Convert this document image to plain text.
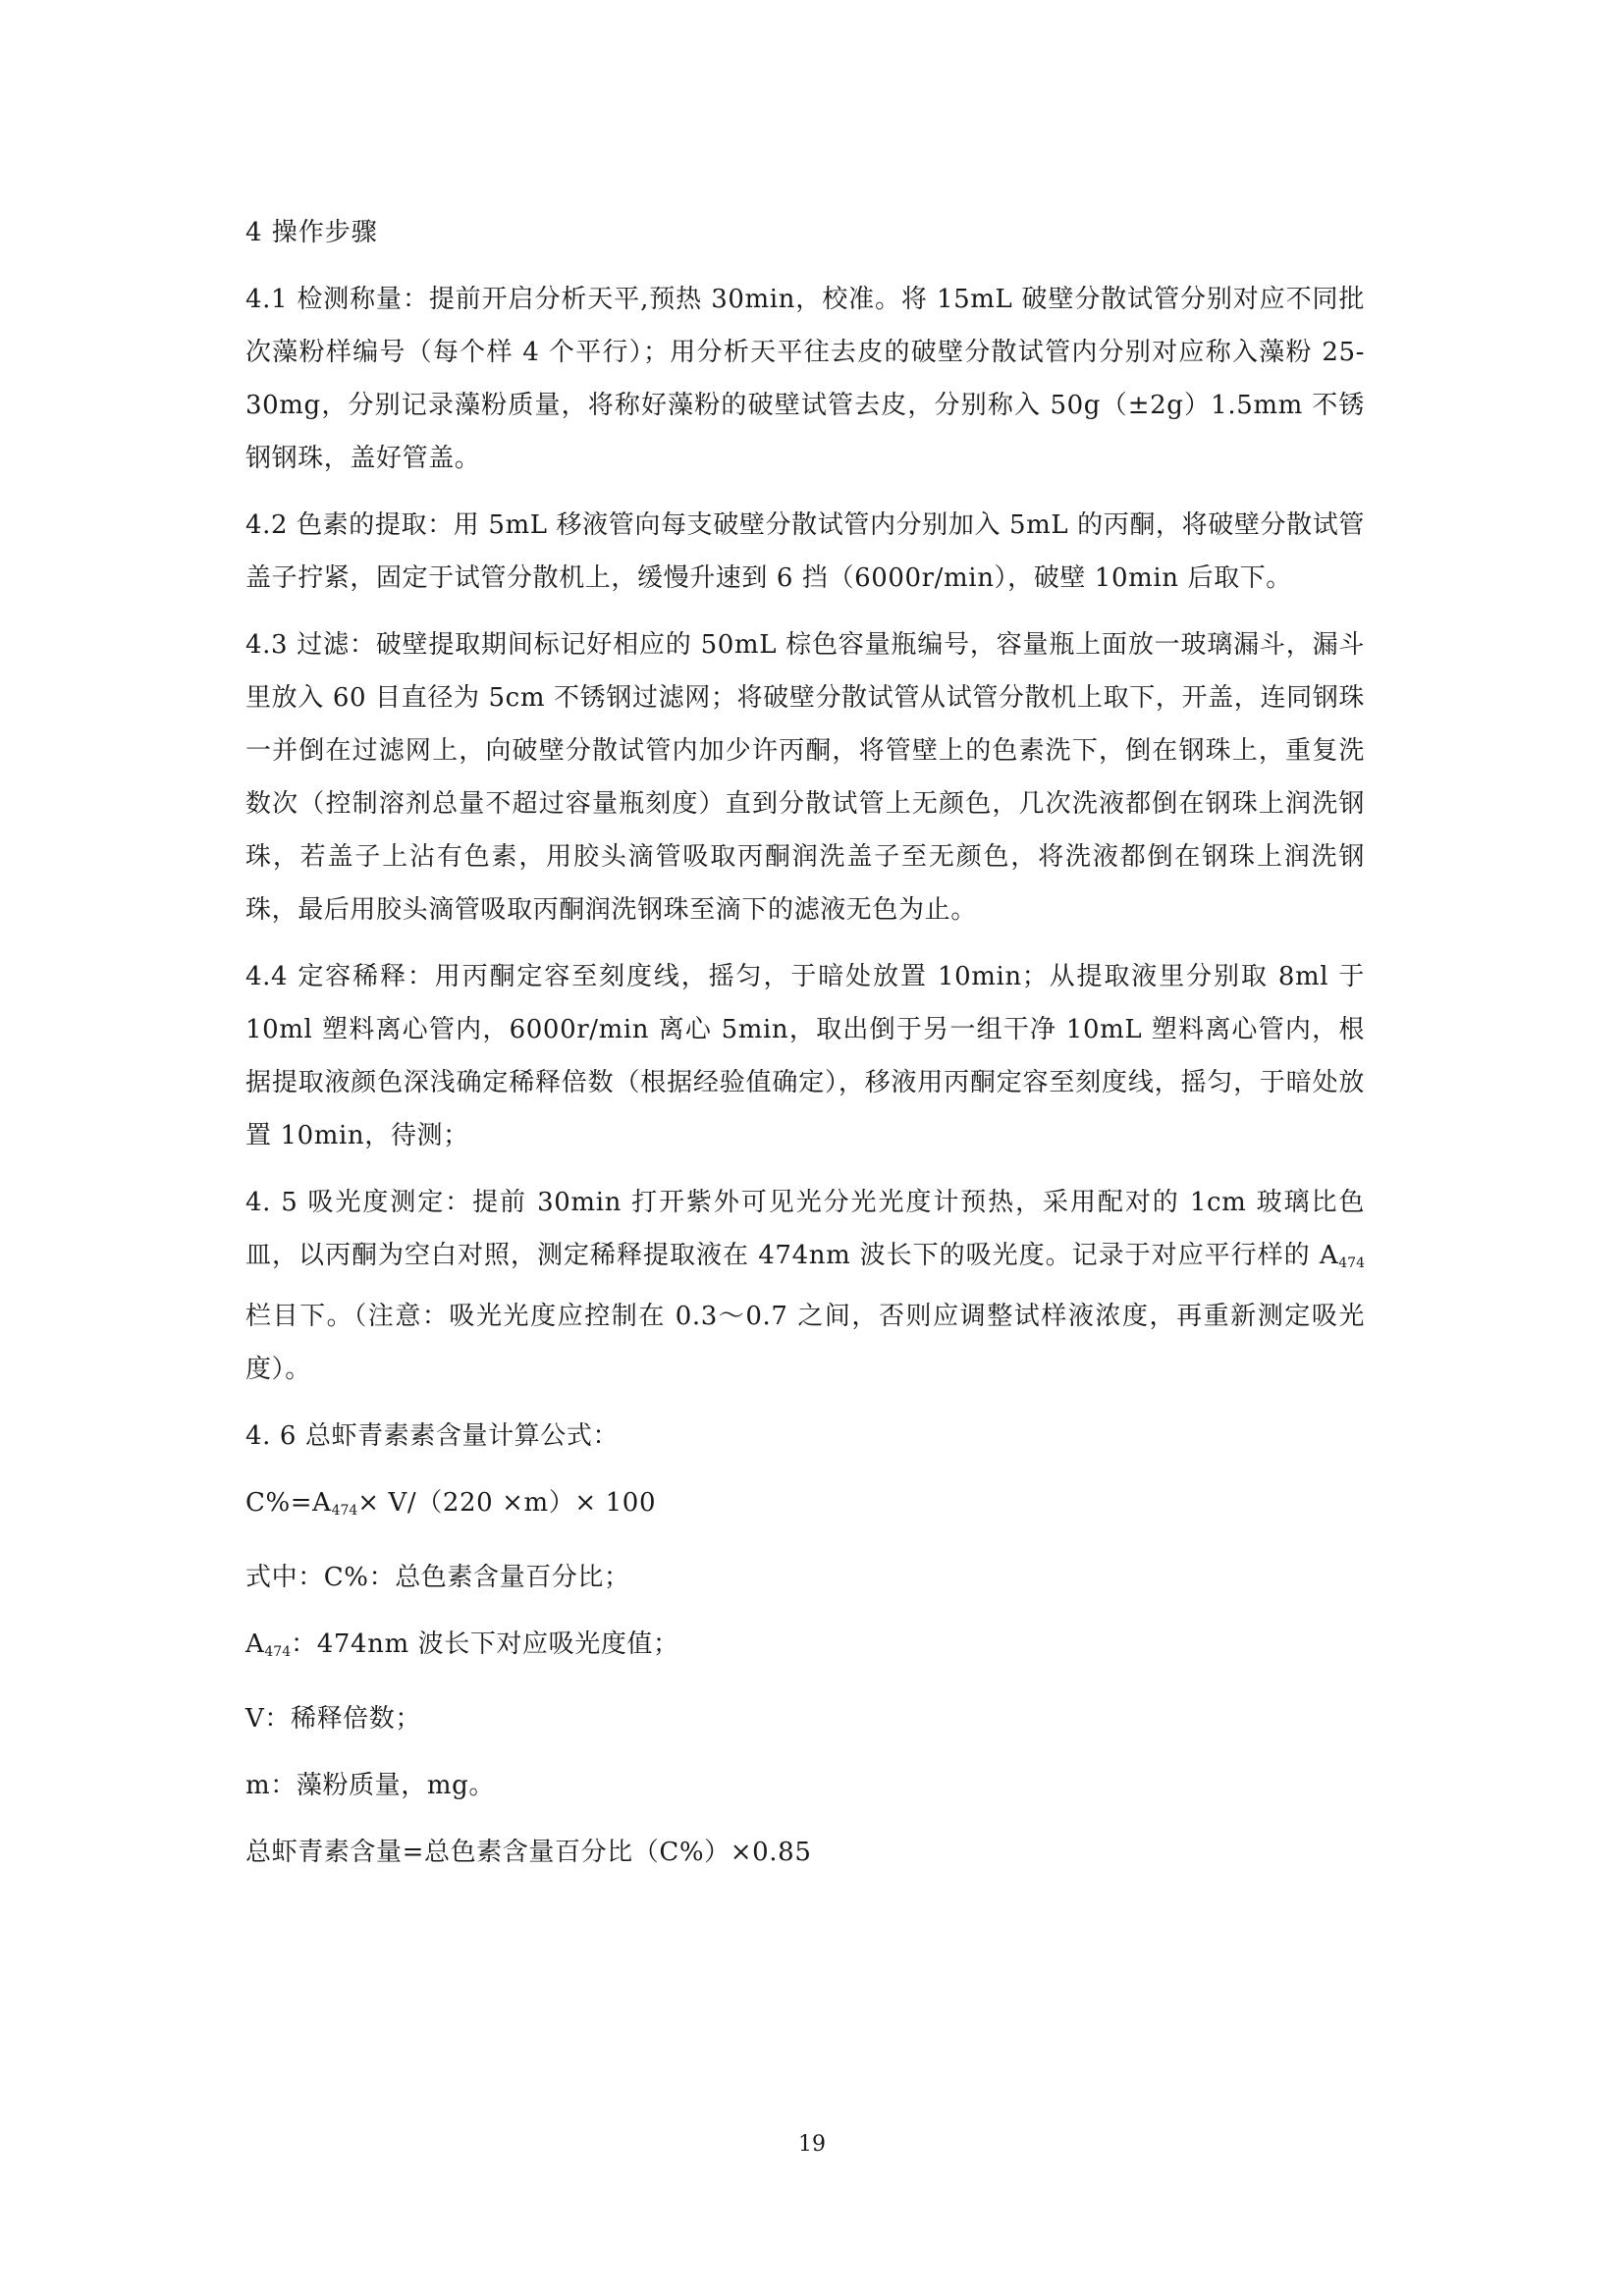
4 操作步骤

4.1 检测称量：提前开启分析天平,预热 30min，校准。将 15mL 破壁分散试管分别对应不同批次藻粉样编号（每个样 4 个平行）；用分析天平往去皮的破壁分散试管内分别对应称入藻粉 25-30mg，分别记录藻粉质量，将称好藻粉的破壁试管去皮，分别称入 50g（±2g）1.5mm 不锈钢钢珠，盖好管盖。

4.2 色素的提取：用 5mL 移液管向每支破壁分散试管内分别加入 5mL 的丙酮，将破壁分散试管盖子拧紧，固定于试管分散机上，缓慢升速到 6 挡（6000r/min），破壁 10min 后取下。

4.3 过滤：破壁提取期间标记好相应的 50mL 棕色容量瓶编号，容量瓶上面放一玻璃漏斗，漏斗里放入 60 目直径为 5cm 不锈钢过滤网；将破壁分散试管从试管分散机上取下，开盖，连同钢珠一并倒在过滤网上，向破壁分散试管内加少许丙酮，将管壁上的色素洗下，倒在钢珠上，重复洗数次（控制溶剂总量不超过容量瓶刻度）直到分散试管上无颜色，几次洗液都倒在钢珠上润洗钢珠，若盖子上沾有色素，用胶头滴管吸取丙酮润洗盖子至无颜色，将洗液都倒在钢珠上润洗钢珠，最后用胶头滴管吸取丙酮润洗钢珠至滴下的滤液无色为止。

4.4 定容稀释：用丙酮定容至刻度线，摇匀，于暗处放置 10min；从提取液里分别取 8ml 于 10ml 塑料离心管内，6000r/min 离心 5min，取出倒于另一组干净 10mL 塑料离心管内，根据提取液颜色深浅确定稀释倍数（根据经验值确定），移液用丙酮定容至刻度线，摇匀，于暗处放置 10min，待测；

4. 5 吸光度测定：提前 30min 打开紫外可见光分光光度计预热，采用配对的 1cm 玻璃比色皿，以丙酮为空白对照，测定稀释提取液在 474nm 波长下的吸光度。记录于对应平行样的 $A_{474}$栏目下。（注意：吸光光度应控制在 0.3～0.7 之间，否则应调整试样液浓度，再重新测定吸光度）。

4. 6 总虾青素素含量计算公式：

$C\%=A_{474}\times V/(220 \times m)\times 100$

式中：C%：总色素含量百分比；

$A_{474}$：474nm 波长下对应吸光度值；

V：稀释倍数；

m：藻粉质量，mg。

总虾青素含量=总色素含量百分比（C%）×0.85

19
